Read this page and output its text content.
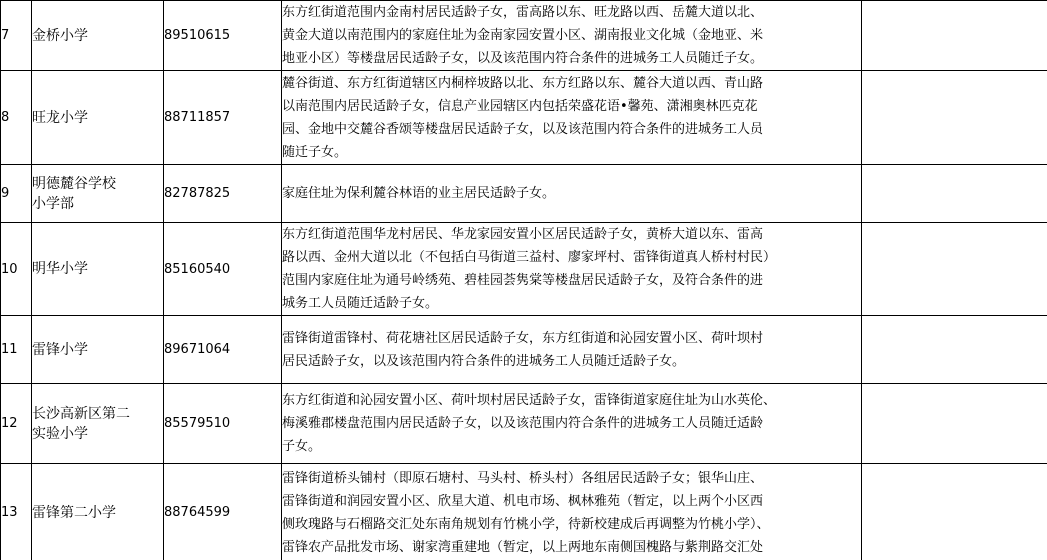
7	金桥小学	89510615	东方红街道范围内金南村居民适龄子女，雷高路以东、旺龙路以西、岳麓大道以北、
黄金大道以南范围内的家庭住址为金南家园安置小区、湖南报业文化城（金地亚、米
地亚小区）等楼盘居民适龄子女，以及该范围内符合条件的进城务工人员随迁子女。	

8	旺龙小学	88711857	麓谷街道、东方红街道辖区内桐梓坡路以北、东方红路以东、麓谷大道以西、青山路
以南范围内居民适龄子女，信息产业园辖区内包括荣盛花语•馨苑、潇湘奥林匹克花
园、金地中交麓谷香颂等楼盘居民适龄子女，以及该范围内符合条件的进城务工人员
随迁子女。	

9	明德麓谷学校
小学部	82787825	家庭住址为保利麓谷林语的业主居民适龄子女。	

10	明华小学	85160540	东方红街道范围华龙村居民、华龙家园安置小区居民适龄子女，黄桥大道以东、雷高
路以西、金州大道以北（不包括白马街道三益村、廖家坪村、雷锋街道真人桥村村民）
范围内家庭住址为通号岭绣苑、碧桂园荟隽棠等楼盘居民适龄子女，及符合条件的进
城务工人员随迁适龄子女。	

11	雷锋小学	89671064	雷锋街道雷锋村、荷花塘社区居民适龄子女，东方红街道和沁园安置小区、荷叶坝村
居民适龄子女，以及该范围内符合条件的进城务工人员随迁适龄子女。	

12	长沙高新区第二
实验小学	85579510	东方红街道和沁园安置小区、荷叶坝村居民适龄子女，雷锋街道家庭住址为山水英伦、
梅溪雅郡楼盘范围内居民适龄子女，以及该范围内符合条件的进城务工人员随迁适龄
子女。	

13	雷锋第二小学	88764599	雷锋街道桥头铺村（即原石塘村、马头村、桥头村）各组居民适龄子女；银华山庄、
雷锋街道和润园安置小区、欣星大道、机电市场、枫林雅苑（暂定，以上两个小区西
侧玫瑰路与石榴路交汇处东南角规划有竹桃小学，待新校建成后再调整为竹桃小学）、
雷锋农产品批发市场、谢家湾重建地（暂定，以上两地东南侧国槐路与紫荆路交汇处	
